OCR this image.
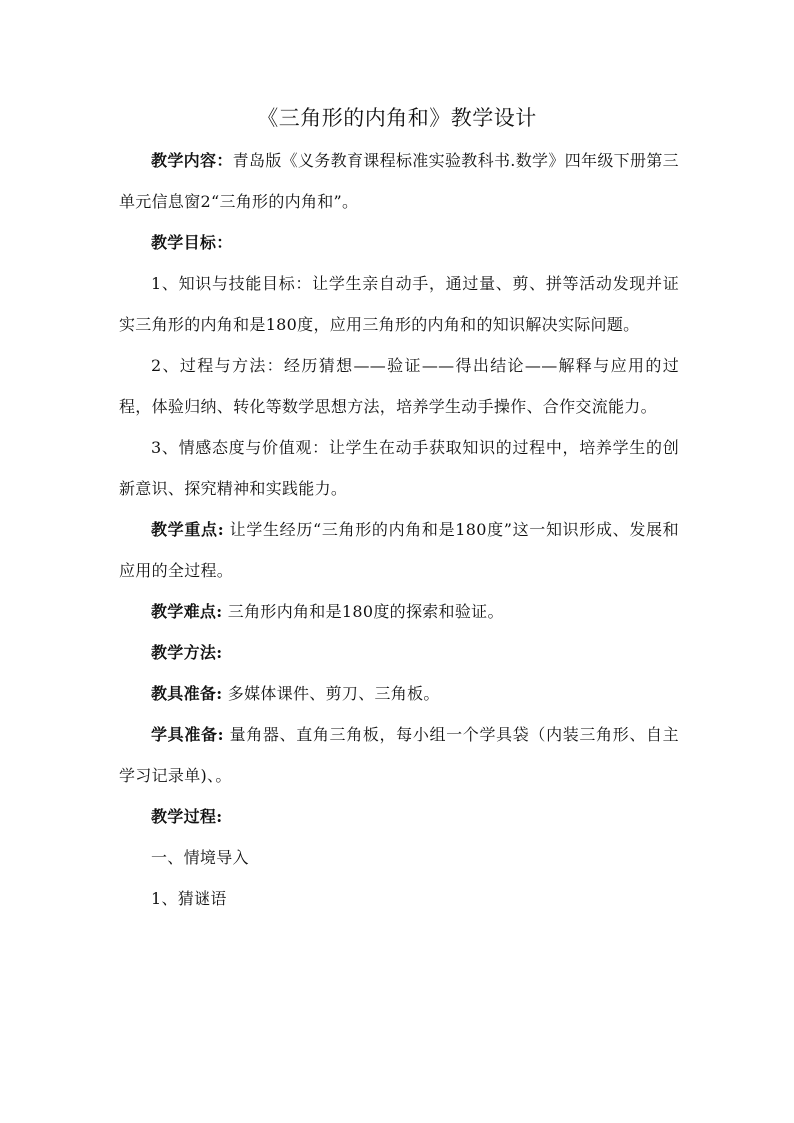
《三角形的内角和》教学设计

教学内容：青岛版《义务教育课程标准实验教科书.数学》四年级下册第三单元信息窗2“三角形的内角和”。

教学目标：

1、知识与技能目标：让学生亲自动手，通过量、剪、拼等活动发现并证实三角形的内角和是180度，应用三角形的内角和的知识解决实际问题。

2、过程与方法：经历猜想——验证——得出结论——解释与应用的过程，体验归纳、转化等数学思想方法，培养学生动手操作、合作交流能力。

3、情感态度与价值观：让学生在动手获取知识的过程中，培养学生的创新意识、探究精神和实践能力。

教学重点: 让学生经历“三角形的内角和是180度”这一知识形成、发展和应用的全过程。

教学难点: 三角形内角和是180度的探索和验证。

教学方法:

教具准备: 多媒体课件、剪刀、三角板。

学具准备: 量角器、直角三角板，每小组一个学具袋（内装三角形、自主学习记录单)、。

教学过程:

一、情境导入

1、猜谜语
